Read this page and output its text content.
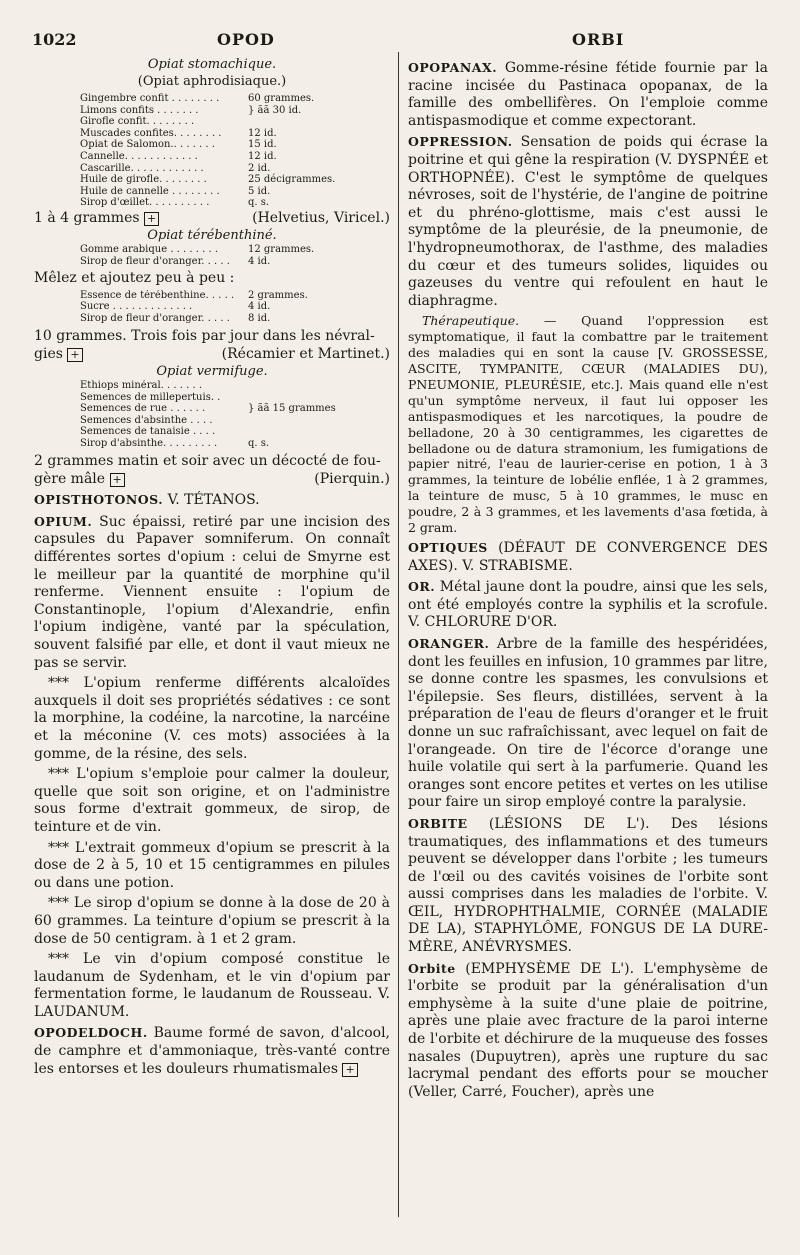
1022	OPOD	ORBI
Opiat stomachique.
(Opiat aphrodisiaque.)
Gingembre confit . . . . . . . .	60 grammes.
Limons confits . . . . . . .	} ãã 30 id.
Girofle confit. . . . . . . .
Muscades confites. . . . . . . .	12 id.
Opiat de Salomon.. . . . . . .	15 id.
Cannelle. . . . . . . . . . . .	12 id.
Cascarille. . . . . . . . . . . .	2 id.
Huile de girofle. . . . . . . .	25 décigrammes.
Huile de cannelle . . . . . . . .	5 id.
Sirop d'œillet. . . . . . . . . .	q. s.
1 à 4 grammes +	(Helvetius, Viricel.)
Opiat térébenthiné.
Gomme arabique . . . . . . . .	12 grammes.
Sirop de fleur d'oranger. . . . .	4 id.
Mêlez et ajoutez peu à peu :
Essence de térébenthine. . . . .	2 grammes.
Sucre . . . . . . . . . . . . .	4 id.
Sirop de fleur d'oranger. . . . .	8 id.
10 grammes. Trois fois par jour dans les névral-
gies +	(Récamier et Martinet.)
Opiat vermifuge.
Éthiops minéral. . . . . . .
Semences de millepertuis. .
Semences de rue . . . . . .	} ãã 15 grammes
Semences d'absinthe . . . .
Semences de tanaisie . . . .
Sirop d'absinthe. . . . . . . . .	q. s.
2 grammes matin et soir avec un décocté de fou-
gère mâle +	(Pierquin.)
OPISTHOTONOS. V. TÉTANOS.
OPIUM. Suc épaissi, retiré par une incision des capsules du Papaver somniferum. On connaît différentes sortes d'opium : celui de Smyrne est le meilleur par la quantité de morphine qu'il renferme. Viennent ensuite : l'opium de Constantinople, l'opium d'Alexandrie, enfin l'opium indigène, vanté par la spéculation, souvent falsifié par elle, et dont il vaut mieux ne pas se servir.
*** L'opium renferme différents alcaloïdes auxquels il doit ses propriétés sédatives : ce sont la morphine, la codéine, la narcotine, la narcéine et la méconine (V. ces mots) associées à la gomme, de la résine, des sels.
*** L'opium s'emploie pour calmer la douleur, quelle que soit son origine, et on l'administre sous forme d'extrait gommeux, de sirop, de teinture et de vin.
*** L'extrait gommeux d'opium se prescrit à la dose de 2 à 5, 10 et 15 centigrammes en pilules ou dans une potion.
*** Le sirop d'opium se donne à la dose de 20 à 60 grammes. La teinture d'opium se prescrit à la dose de 50 centigram. à 1 et 2 gram.
*** Le vin d'opium composé constitue le laudanum de Sydenham, et le vin d'opium par fermentation forme, le laudanum de Rousseau. V. LAUDANUM.
OPODELDOCH. Baume formé de savon, d'alcool, de camphre et d'ammoniaque, très-vanté contre les entorses et les douleurs rhumatismales +
OPOPANAX. Gomme-résine fétide fournie par la racine incisée du Pastinaca opopanax, de la famille des ombellifères. On l'emploie comme antispasmodique et comme expectorant.
OPPRESSION. Sensation de poids qui écrase la poitrine et qui gêne la respiration (V. DYSPNÉE et ORTHOPNÉE). C'est le symptôme de quelques névroses, soit de l'hystérie, de l'angine de poitrine et du phréno-glottisme, mais c'est aussi le symptôme de la pleurésie, de la pneumonie, de l'hydropneumothorax, de l'asthme, des maladies du cœur et des tumeurs solides, liquides ou gazeuses du ventre qui refoulent en haut le diaphragme.
Thérapeutique. — Quand l'oppression est symptomatique, il faut la combattre par le traitement des maladies qui en sont la cause [V. GROSSESSE, ASCITE, TYMPANITE, CŒUR (MALADIES DU), PNEUMONIE, PLEURÉSIE, etc.]. Mais quand elle n'est qu'un symptôme nerveux, il faut lui opposer les antispasmodiques et les narcotiques, la poudre de belladone, 20 à 30 centigrammes, les cigarettes de belladone ou de datura stramonium, les fumigations de papier nitré, l'eau de laurier-cerise en potion, 1 à 3 grammes, la teinture de lobélie enflée, 1 à 2 grammes, la teinture de musc, 5 à 10 grammes, le musc en poudre, 2 à 3 grammes, et les lavements d'asa fœtida, à 2 gram.
OPTIQUES (DÉFAUT DE CONVERGENCE DES AXES). V. STRABISME.
OR. Métal jaune dont la poudre, ainsi que les sels, ont été employés contre la syphilis et la scrofule. V. CHLORURE D'OR.
ORANGER. Arbre de la famille des hespéridées, dont les feuilles en infusion, 10 grammes par litre, se donne contre les spasmes, les convulsions et l'épilepsie. Ses fleurs, distillées, servent à la préparation de l'eau de fleurs d'oranger et le fruit donne un suc rafraîchissant, avec lequel on fait de l'orangeade. On tire de l'écorce d'orange une huile volatile qui sert à la parfumerie. Quand les oranges sont encore petites et vertes on les utilise pour faire un sirop employé contre la paralysie.
ORBITE (LÉSIONS DE L'). Des lésions traumatiques, des inflammations et des tumeurs peuvent se développer dans l'orbite ; les tumeurs de l'œil ou des cavités voisines de l'orbite sont aussi comprises dans les maladies de l'orbite. V. ŒIL, HYDROPHTHALMIE, CORNÉE (MALADIE DE LA), STAPHYLÔME, FONGUS DE LA DURE-MÈRE, ANÉVRYSMES.
Orbite (EMPHYSÈME DE L'). L'emphysème de l'orbite se produit par la généralisation d'un emphysème à la suite d'une plaie de poitrine, après une plaie avec fracture de la paroi interne de l'orbite et déchirure de la muqueuse des fosses nasales (Dupuytren), après une rupture du sac lacrymal pendant des efforts pour se moucher (Veller, Carré, Foucher), après une
